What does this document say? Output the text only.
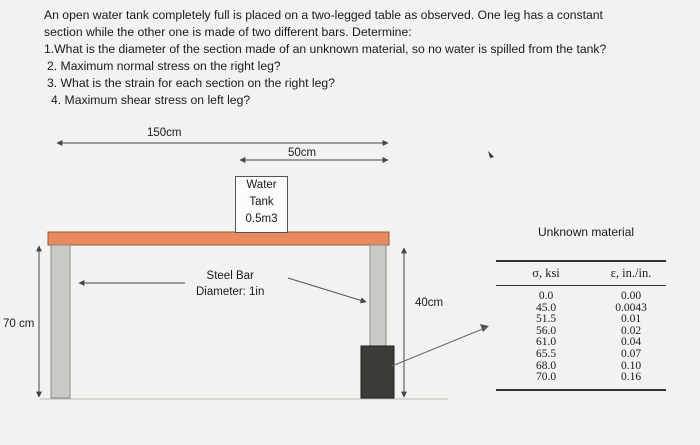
An open water tank completely full is placed on a two-legged table as observed. One leg has a constant
section while the other one is made of two different bars. Determine:
1.What is the diameter of the section made of an unknown material, so no water is spilled from the tank?
2. Maximum normal stress on the right leg?
3. What is the strain for each section on the right leg?
4. Maximum shear stress on left leg?
150cm
50cm
Water
Tank
0.5m3
Steel Bar
Diameter: 1in
70 cm
40cm
Unknown material
σ, ksi	ε, in./in.
0.0
45.0
51.5
56.0
61.0
65.5
68.0
70.0
0.00
0.0043
0.01
0.02
0.04
0.07
0.10
0.16
